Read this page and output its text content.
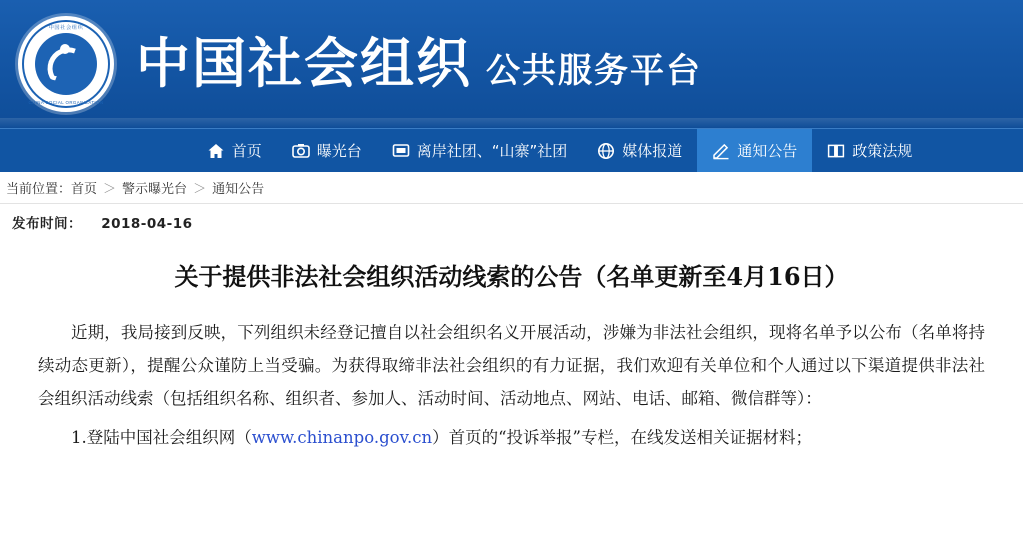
中国社会组织
CHINA SOCIAL ORGANIZATION
中国社会组织 公共服务平台
首页	曝光台	离岸社团、“山寨”社团	媒体报道	通知公告	政策法规
当前位置： 首页 ＞ 警示曝光台 ＞ 通知公告
发布时间： 2018-04-16
关于提供非法社会组织活动线索的公告（名单更新至4月16日）

近期，我局接到反映，下列组织未经登记擅自以社会组织名义开展活动，涉嫌为非法社会组织，现将名单予以公布（名单将持续动态更新），提醒公众谨防上当受骗。为获得取缔非法社会组织的有力证据，我们欢迎有关单位和个人通过以下渠道提供非法社会组织活动线索（包括组织名称、组织者、参加人、活动时间、活动地点、网站、电话、邮箱、微信群等）：

1.登陆中国社会组织网（www.chinanpo.gov.cn）首页的“投诉举报”专栏，在线发送相关证据材料；
